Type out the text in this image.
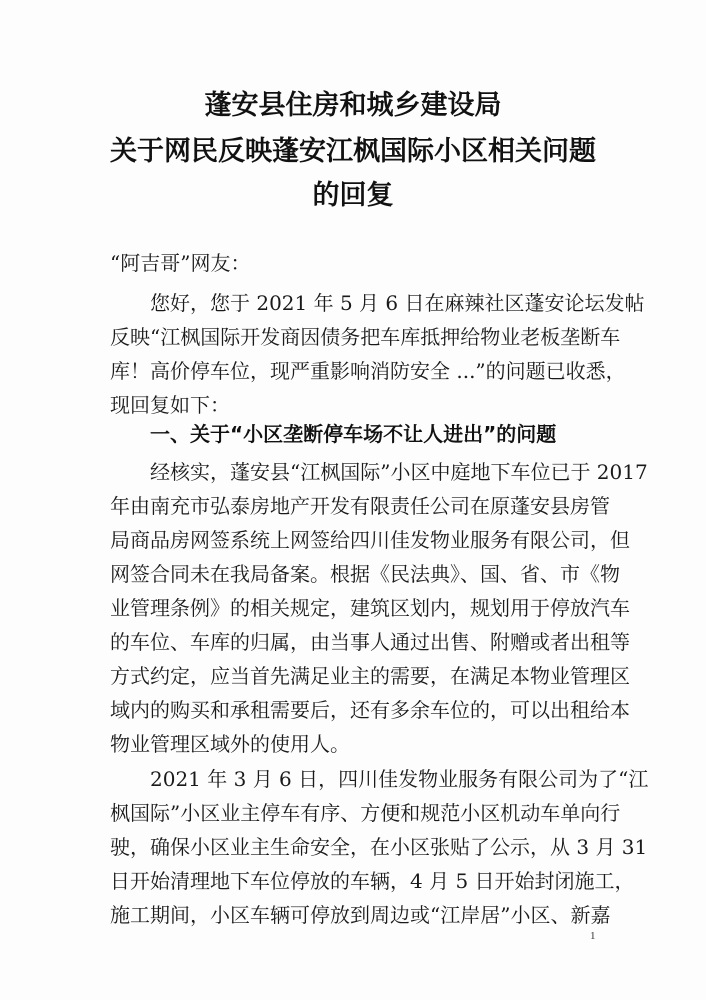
蓬安县住房和城乡建设局
关于网民反映蓬安江枫国际小区相关问题
的回复
“阿吉哥”网友：
　　您好，您于 2021 年 5 月 6 日在麻辣社区蓬安论坛发帖
反映“江枫国际开发商因债务把车库抵押给物业老板垄断车
库！高价停车位，现严重影响消防安全 ...”的问题已收悉，
现回复如下：
　　一、关于“小区垄断停车场不让人进出”的问题
　　经核实，蓬安县“江枫国际”小区中庭地下车位已于 2017
年由南充市弘泰房地产开发有限责任公司在原蓬安县房管
局商品房网签系统上网签给四川佳发物业服务有限公司，但
网签合同未在我局备案。根据《民法典》、国、省、市《物
业管理条例》的相关规定，建筑区划内，规划用于停放汽车
的车位、车库的归属，由当事人通过出售、附赠或者出租等
方式约定，应当首先满足业主的需要，在满足本物业管理区
域内的购买和承租需要后，还有多余车位的，可以出租给本
物业管理区域外的使用人。
　　2021 年 3 月 6 日，四川佳发物业服务有限公司为了“江
枫国际”小区业主停车有序、方便和规范小区机动车单向行
驶，确保小区业主生命安全，在小区张贴了公示，从 3 月 31
日开始清理地下车位停放的车辆，4 月 5 日开始封闭施工，
施工期间，小区车辆可停放到周边或“江岸居”小区、新嘉
1
